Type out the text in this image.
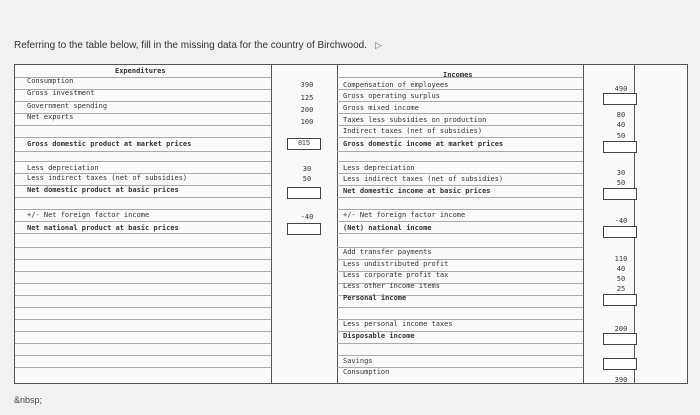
Referring to the table below, fill in the missing data for the country of Birchwood. ▷
Expenditures
Consumption
Gross investment
Government spending
Net exports
Gross domestic product at market prices
Less depreciation
Less indirect taxes (net of subsidies)
Net domestic product at basic prices
+/- Net foreign factor income
Net national product at basic prices
390
125
200
100
815
30
50
-40
Incomes
Compensation of employees
Gross operating surplus
Gross mixed income
Taxes less subsidies on production
Indirect taxes (net of subsidies)
Gross domestic income at market prices
Less depreciation
Less indirect taxes (net of subsidies)
Net domestic income at basic prices
+/- Net foreign factor income
(Net) national income
Add transfer payments
Less undistributed profit
Less corporate profit tax
Less other income items
Personal income
Less personal income taxes
Disposable income
Savings
Consumption
490
80
40
50
30
50
-40
110
40
50
25
200
390
&nbsp;
